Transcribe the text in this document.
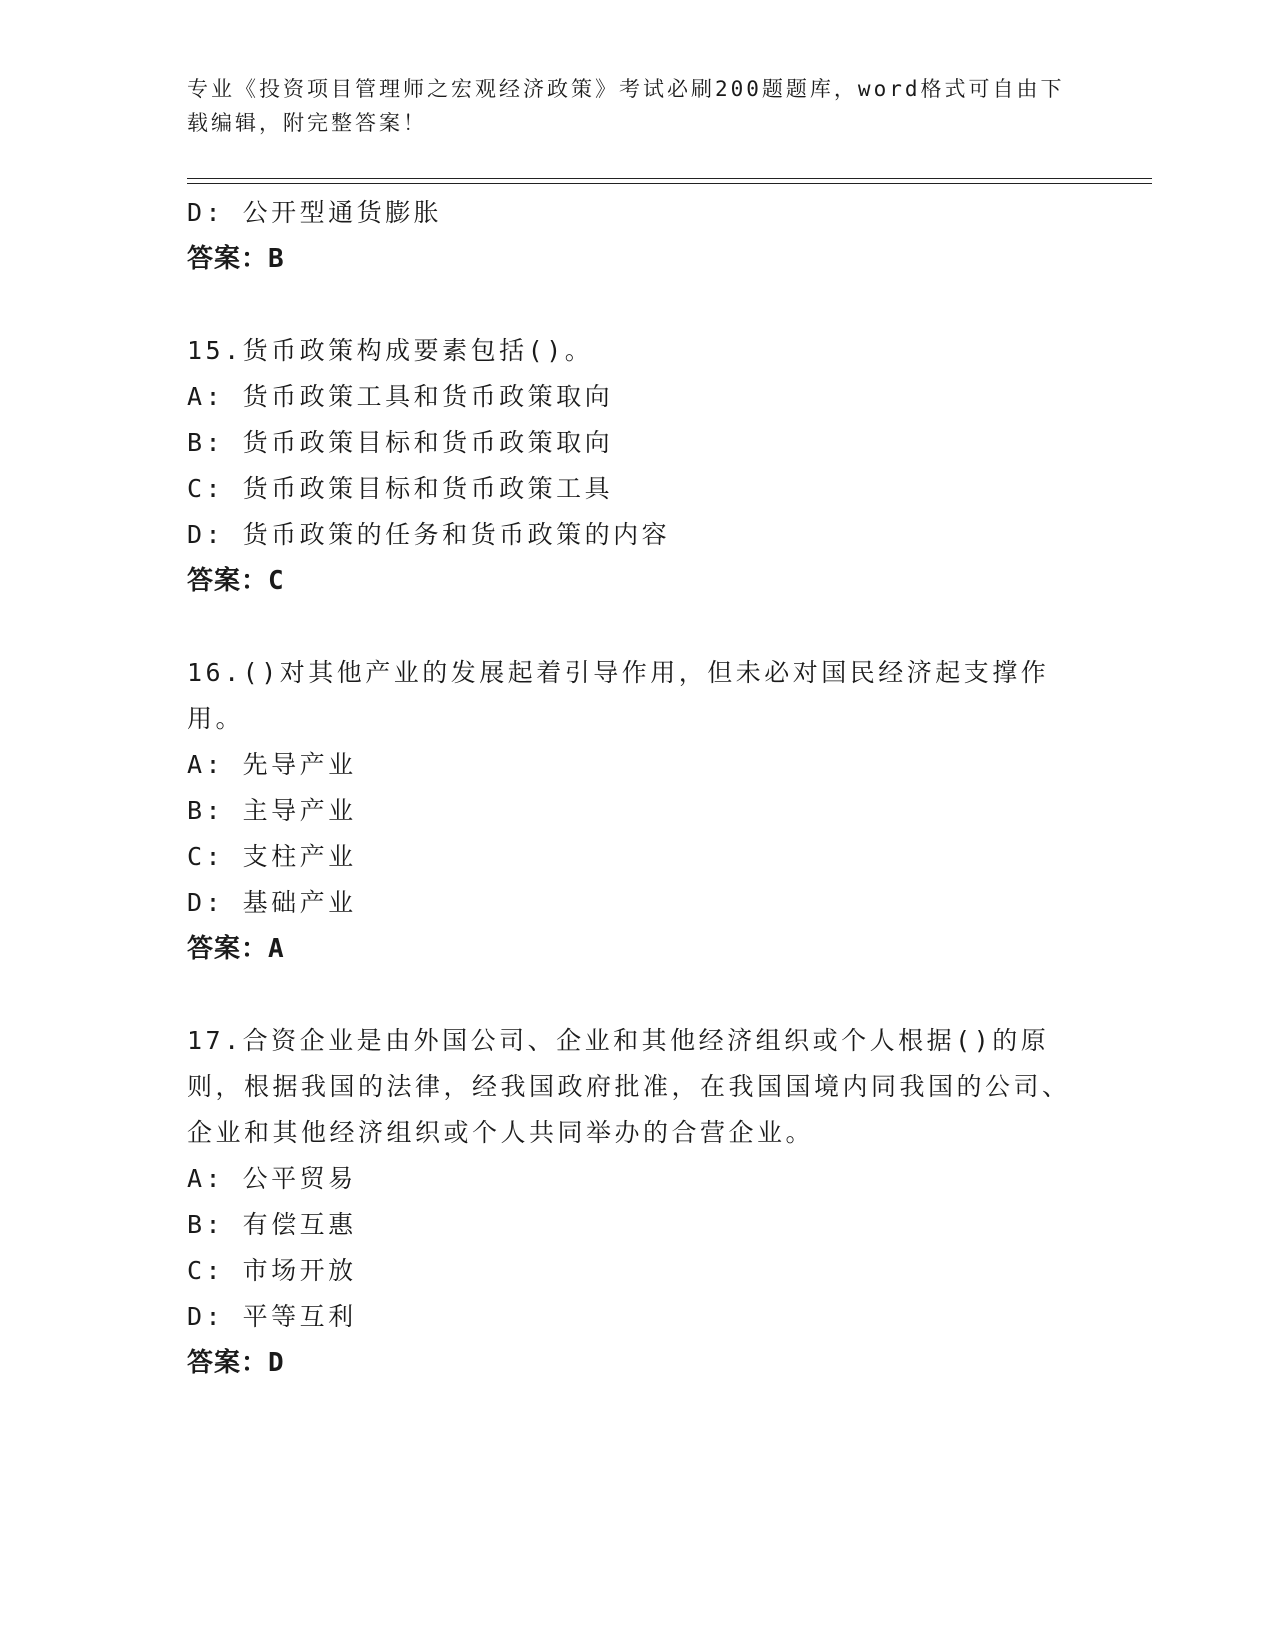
专业《投资项目管理师之宏观经济政策》考试必刷200题题库，word格式可自由下载编辑，附完整答案！
D: 公开型通货膨胀
答案：B
15.货币政策构成要素包括()。
A: 货币政策工具和货币政策取向
B: 货币政策目标和货币政策取向
C: 货币政策目标和货币政策工具
D: 货币政策的任务和货币政策的内容
答案：C
16.()对其他产业的发展起着引导作用，但未必对国民经济起支撑作用。
A: 先导产业
B: 主导产业
C: 支柱产业
D: 基础产业
答案：A
17.合资企业是由外国公司、企业和其他经济组织或个人根据()的原则，根据我国的法律，经我国政府批准，在我国国境内同我国的公司、企业和其他经济组织或个人共同举办的合营企业。
A: 公平贸易
B: 有偿互惠
C: 市场开放
D: 平等互利
答案：D
